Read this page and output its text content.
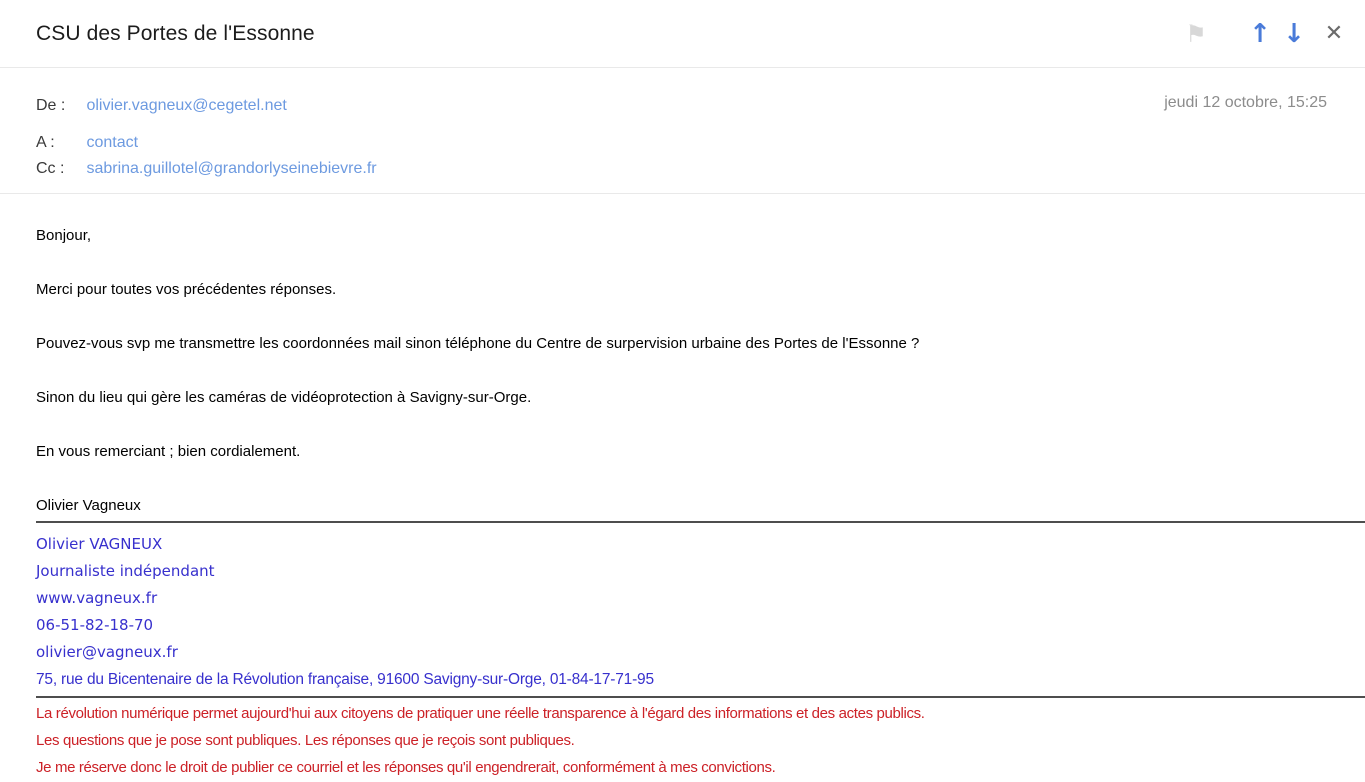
CSU des Portes de l'Essonne	⚑ ↑ ↓ ✕
De : olivier.vagneux@cegetel.net
A : contact
Cc : sabrina.guillotel@grandorlyseinebievre.fr
jeudi 12 octobre, 15:25

Bonjour,

Merci pour toutes vos précédentes réponses.

Pouvez-vous svp me transmettre les coordonnées mail sinon téléphone du Centre de surpervision urbaine des Portes de l'Essonne ?

Sinon du lieu qui gère les caméras de vidéoprotection à Savigny-sur-Orge.

En vous remerciant ; bien cordialement.

Olivier Vagneux

Olivier VAGNEUX
Journaliste indépendant
www.vagneux.fr
06-51-82-18-70
olivier@vagneux.fr
75, rue du Bicentenaire de la Révolution française, 91600 Savigny-sur-Orge, 01-84-17-71-95
La révolution numérique permet aujourd'hui aux citoyens de pratiquer une réelle transparence à l'égard des informations et des actes publics.
Les questions que je pose sont publiques. Les réponses que je reçois sont publiques.
Je me réserve donc le droit de publier ce courriel et les réponses qu'il engendrerait, conformément à mes convictions.
